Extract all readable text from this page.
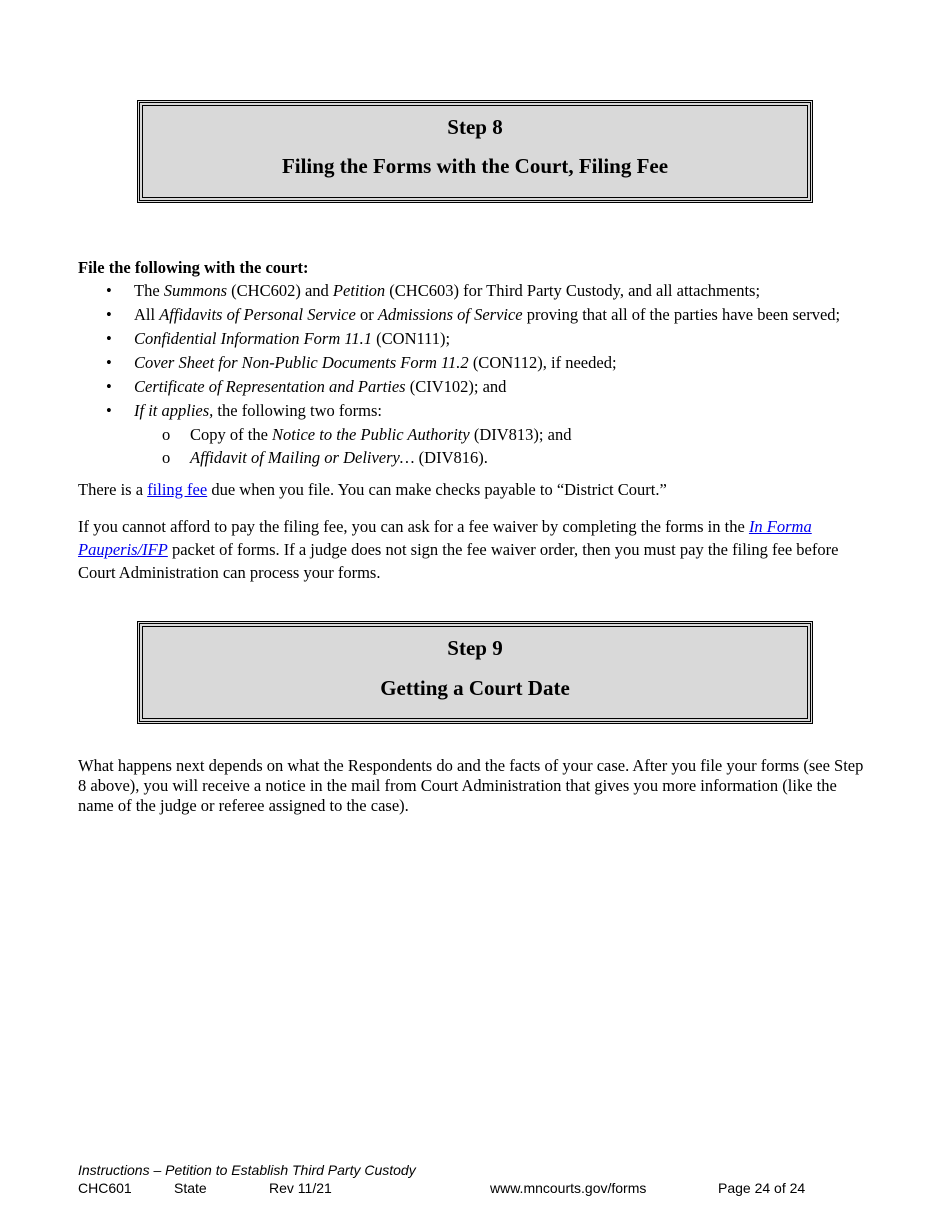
Step 8
Filing the Forms with the Court, Filing Fee
File the following with the court:
• The Summons (CHC602) and Petition (CHC603) for Third Party Custody, and all attachments;
• All Affidavits of Personal Service or Admissions of Service proving that all of the parties have been served;
• Confidential Information Form 11.1 (CON111);
• Cover Sheet for Non-Public Documents Form 11.2 (CON112), if needed;
• Certificate of Representation and Parties (CIV102); and
• If it applies, the following two forms:
o Copy of the Notice to the Public Authority (DIV813); and
o Affidavit of Mailing or Delivery… (DIV816).
There is a filing fee due when you file. You can make checks payable to “District Court.”
If you cannot afford to pay the filing fee, you can ask for a fee waiver by completing the forms in the In Forma Pauperis/IFP packet of forms. If a judge does not sign the fee waiver order, then you must pay the filing fee before Court Administration can process your forms.
Step 9
Getting a Court Date
What happens next depends on what the Respondents do and the facts of your case. After you file your forms (see Step 8 above), you will receive a notice in the mail from Court Administration that gives you more information (like the name of the judge or referee assigned to the case).
Instructions – Petition to Establish Third Party Custody
CHC601	State	Rev 11/21	www.mncourts.gov/forms	Page 24 of 24
